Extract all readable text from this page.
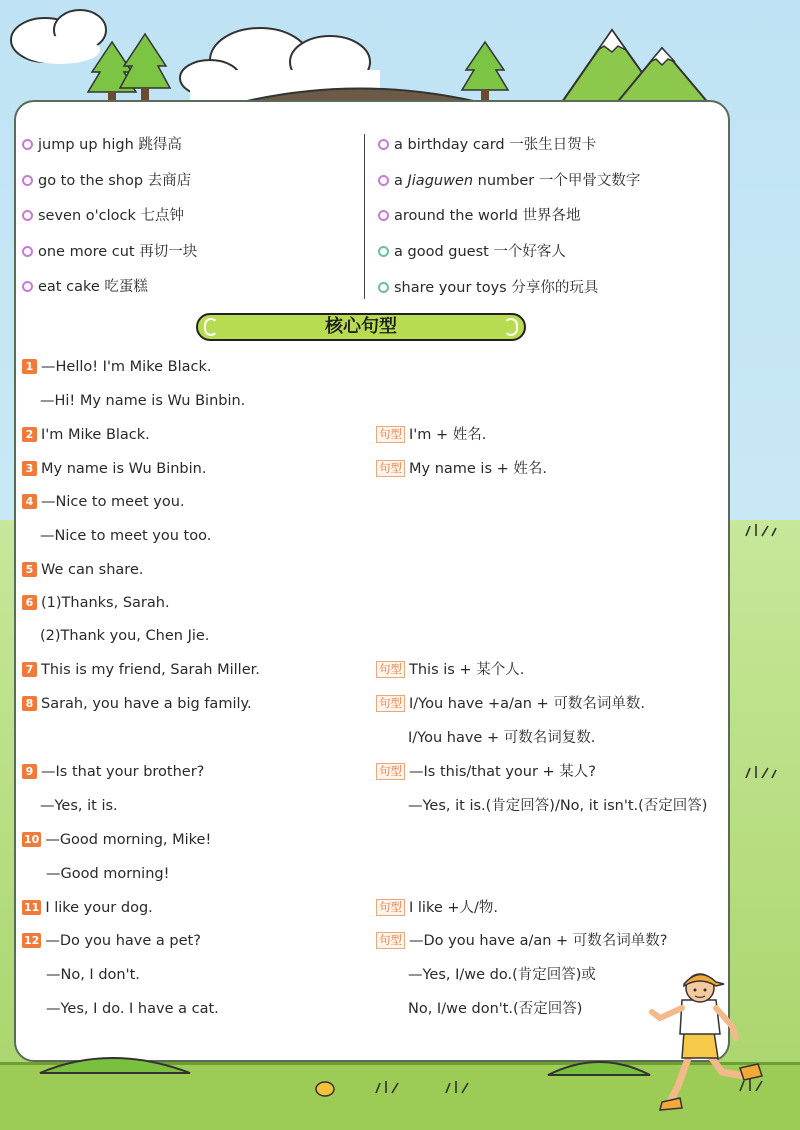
jump up high 跳得高
go to the shop 去商店
seven o'clock 七点钟
one more cut 再切一块
eat cake 吃蛋糕
a birthday card 一张生日贺卡
a Jiaguwen number 一个甲骨文数字
around the world 世界各地
a good guest 一个好客人
share your toys 分享你的玩具
核心句型
1 —Hello! I'm Mike Black.
—Hi! My name is Wu Binbin.
2 I'm Mike Black.
3 My name is Wu Binbin.
4 —Nice to meet you.
—Nice to meet you too.
5 We can share.
6 (1)Thanks, Sarah.
(2)Thank you, Chen Jie.
7 This is my friend, Sarah Miller.
8 Sarah, you have a big family.
9 —Is that your brother?
—Yes, it is.
10 —Good morning, Mike!
—Good morning!
11 I like your dog.
12 —Do you have a pet?
—No, I don't.
—Yes, I do. I have a cat.
句型 I'm + 姓名.
句型 My name is + 姓名.
句型 This is + 某个人.
句型 I/You have +a/an + 可数名词单数.
I/You have + 可数名词复数.
句型 —Is this/that your + 某人?
—Yes, it is.(肯定回答)/No, it isn't.(否定回答)
句型 I like +人/物.
句型 —Do you have a/an + 可数名词单数?
—Yes, I/we do.(肯定回答)或
No, I/we don't.(否定回答)
